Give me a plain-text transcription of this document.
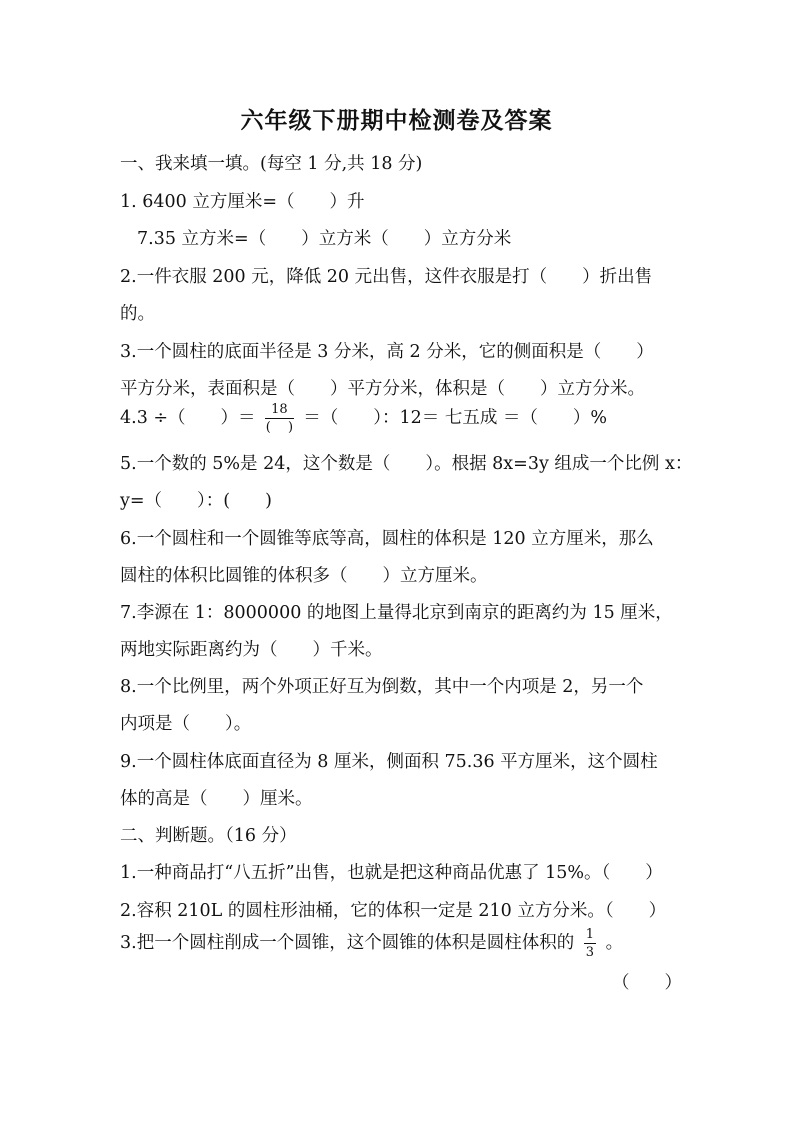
六年级下册期中检测卷及答案
一、我来填一填。(每空 1 分,共 18 分)
1. 6400 立方厘米=（　　）升
7.35 立方米=（　　）立方米（　　）立方分米
2.一件衣服 200 元，降低 20 元出售，这件衣服是打（　　）折出售
的。
3.一个圆柱的底面半径是 3 分米，高 2 分米，它的侧面积是（　　）
平方分米，表面积是（　　）平方分米，体积是（　　）立方分米。
4.3 ÷（　　）＝ $\frac{18}{( )}$ ＝（　　）：12＝ 七五成 ＝（　　）%
5.一个数的 5%是 24，这个数是（　　）。根据 8x=3y 组成一个比例 x：
y=（　　）：(　　)
6.一个圆柱和一个圆锥等底等高，圆柱的体积是 120 立方厘米，那么
圆柱的体积比圆锥的体积多（　　）立方厘米。
7.李源在 1：8000000 的地图上量得北京到南京的距离约为 15 厘米，
两地实际距离约为（　　）千米。
8.一个比例里，两个外项正好互为倒数，其中一个内项是 2，另一个
内项是（　　）。
9.一个圆柱体底面直径为 8 厘米，侧面积 75.36 平方厘米，这个圆柱
体的高是（　　）厘米。
二、判断题。（16 分）
1.一种商品打“八五折”出售，也就是把这种商品优惠了 15%。（　　）
2.容积 210L 的圆柱形油桶，它的体积一定是 210 立方分米。（　　）
3.把一个圆柱削成一个圆锥，这个圆锥的体积是圆柱体积的 $\frac{1}{3}$ 。
（　　）
